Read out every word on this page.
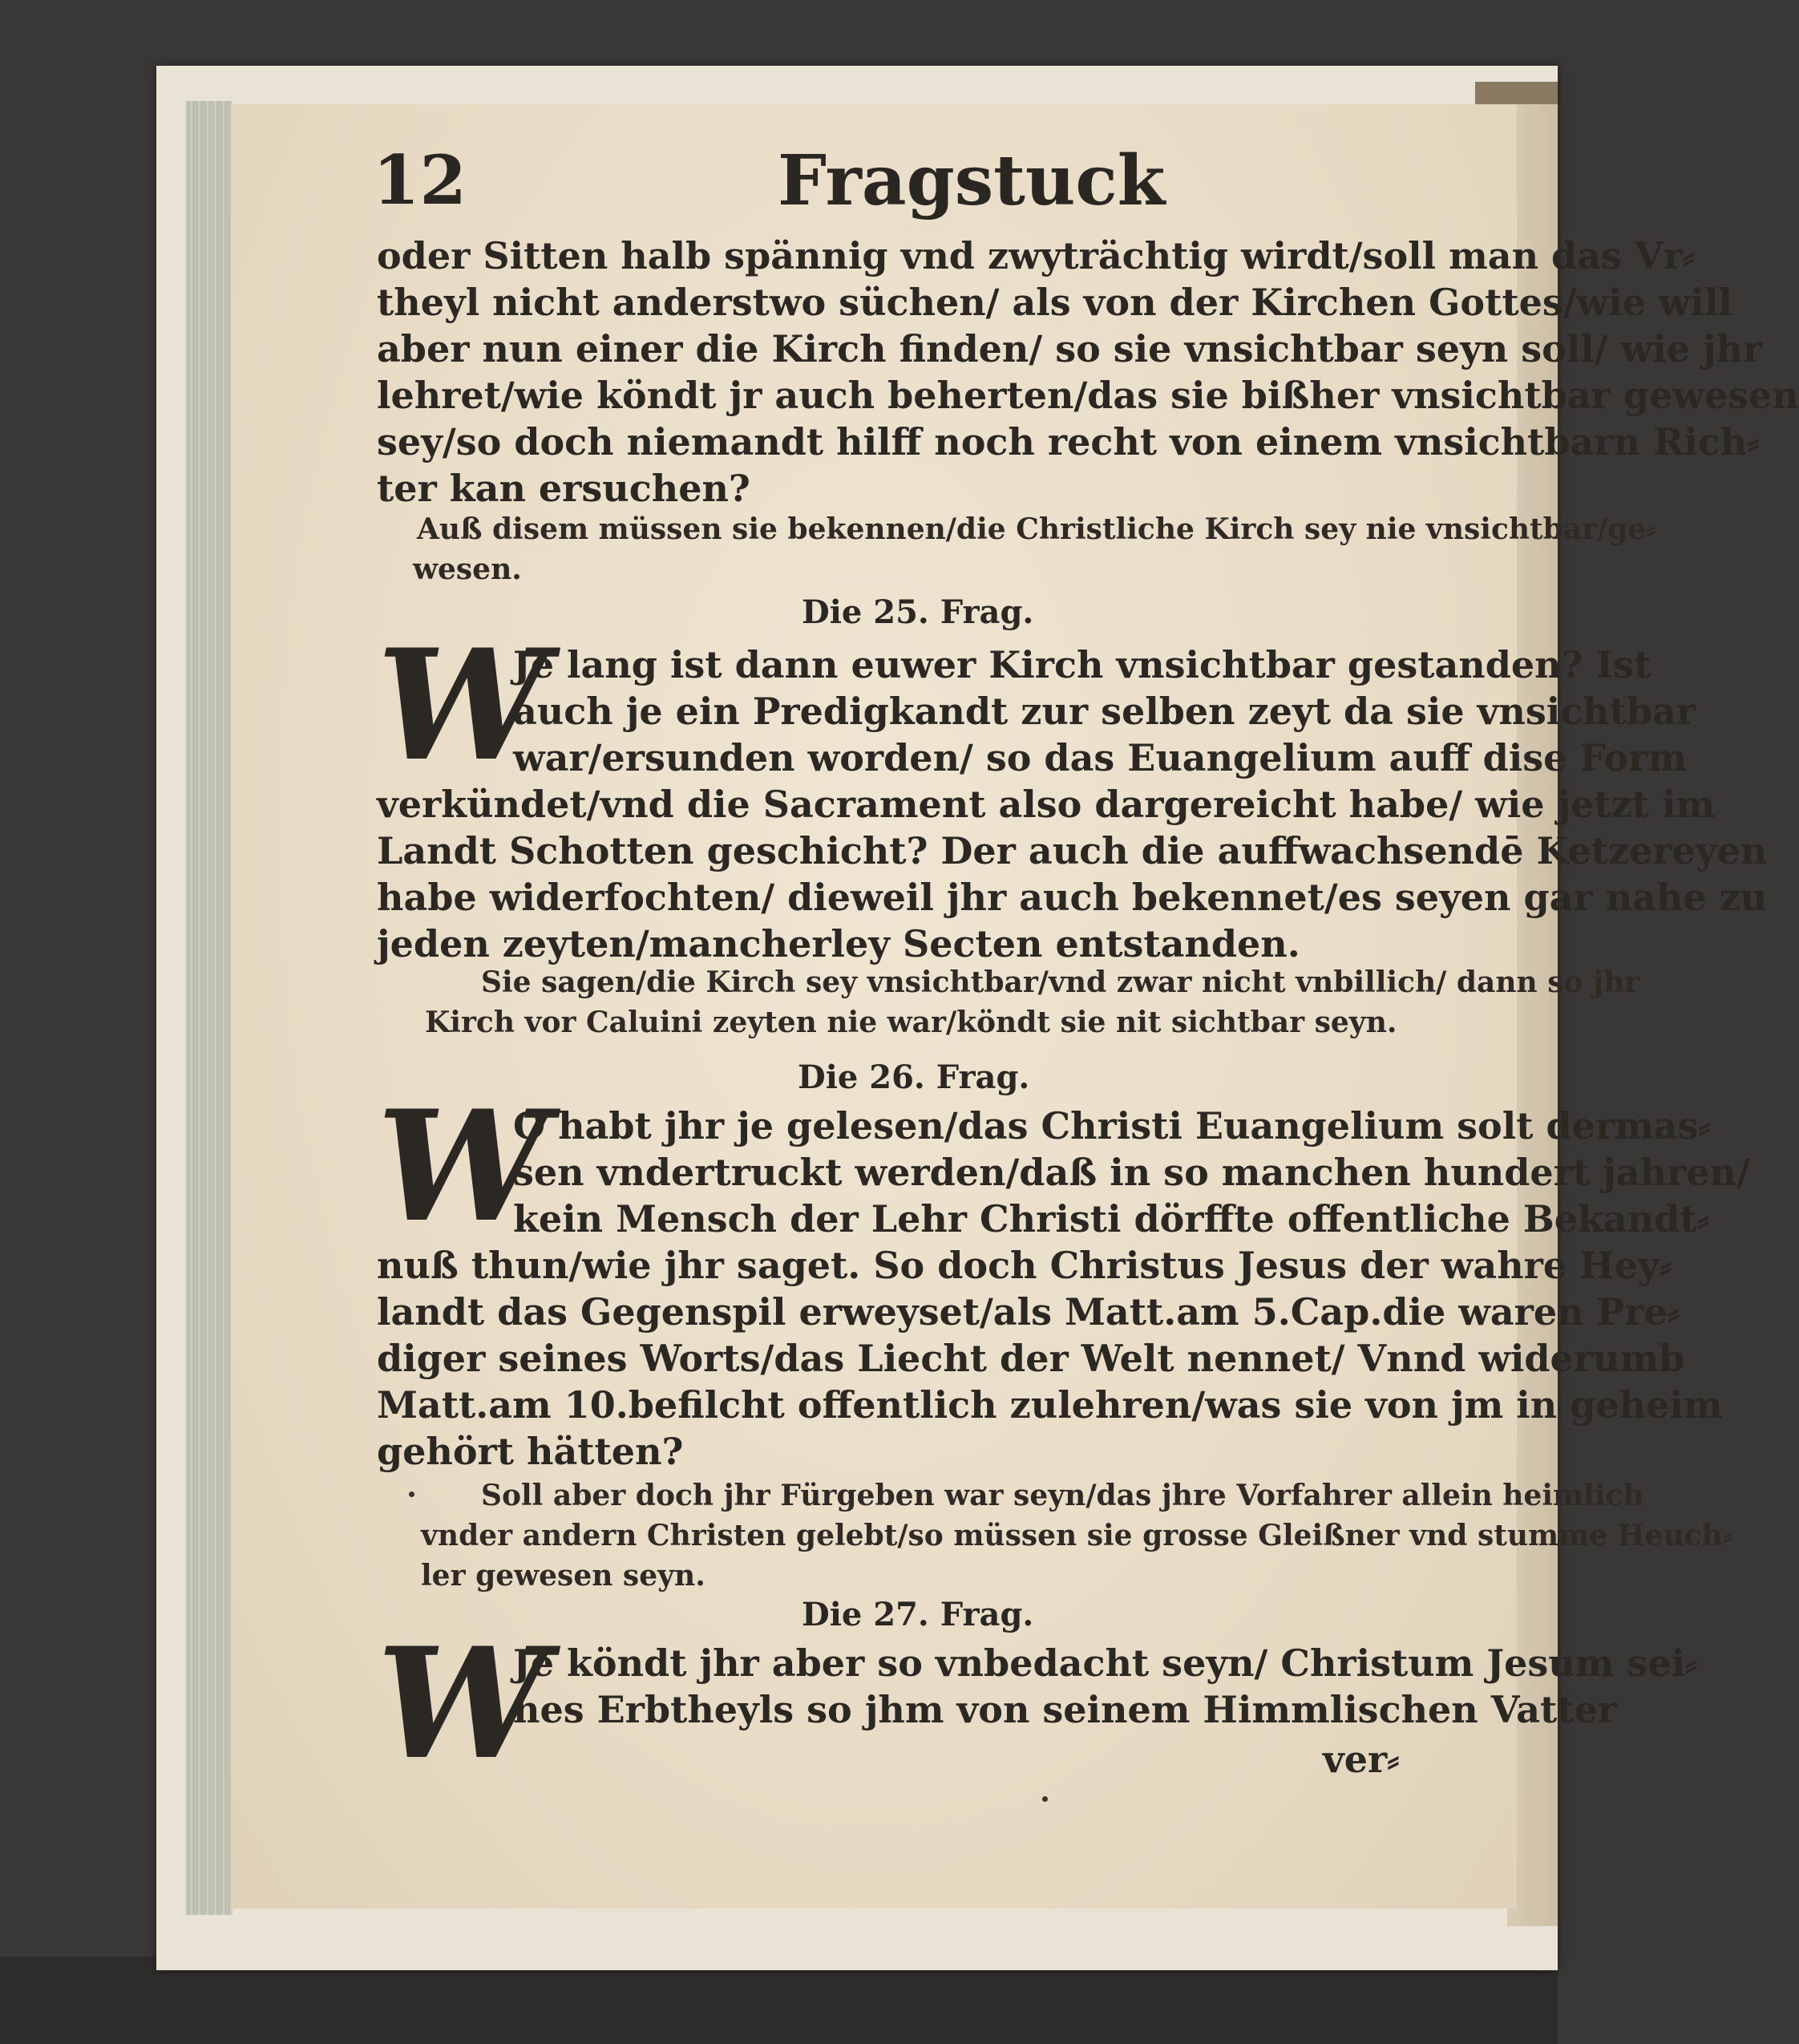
12	Fragstuck
oder Sitten halb spännig vnd zwyträchtig wirdt/soll man das Vr⸗
theyl nicht anderstwo süchen/ als von der Kirchen Gottes/wie will
aber nun einer die Kirch finden/ so sie vnsichtbar seyn soll/ wie jhr
lehret/wie köndt jr auch beherten/das sie bißher vnsichtbar gewesen
sey/so doch niemandt hilff noch recht von einem vnsichtbarn Rich⸗
ter kan ersuchen?
Auß disem müssen sie bekennen/die Christliche Kirch sey nie vnsichtbar/ge⸗
wesen.
Die 25. Frag.
W
Je lang ist dann euwer Kirch vnsichtbar gestanden? Ist
auch je ein Predigkandt zur selben zeyt da sie vnsichtbar
war/ersunden worden/ so das Euangelium auff dise Form
verkündet/vnd die Sacrament also dargereicht habe/ wie jetzt im
Landt Schotten geschicht? Der auch die auffwachsendē Ketzereyen
habe widerfochten/ dieweil jhr auch bekennet/es seyen gar nahe zu
jeden zeyten/mancherley Secten entstanden.
Sie sagen/die Kirch sey vnsichtbar/vnd zwar nicht vnbillich/ dann so jhr
Kirch vor Caluini zeyten nie war/köndt sie nit sichtbar seyn.
Die 26. Frag.
W
O habt jhr je gelesen/das Christi Euangelium solt dermas⸗
sen vndertruckt werden/daß in so manchen hundert jahren/
kein Mensch der Lehr Christi dörffte offentliche Bekandt⸗
nuß thun/wie jhr saget. So doch Christus Jesus der wahre Hey⸗
landt das Gegenspil erweyset/als Matt.am 5.Cap.die waren Pre⸗
diger seines Worts/das Liecht der Welt nennet/ Vnnd widerumb
Matt.am 10.befilcht offentlich zulehren/was sie von jm in geheim
gehört hätten?
Soll aber doch jhr Fürgeben war seyn/das jhre Vorfahrer allein heimlich
vnder andern Christen gelebt/so müssen sie grosse Gleißner vnd stumme Heuch⸗
ler gewesen seyn.
Die 27. Frag.
W
Je köndt jhr aber so vnbedacht seyn/ Christum Jesum sei⸗
nes Erbtheyls so jhm von seinem Himmlischen Vatter
ver⸗
